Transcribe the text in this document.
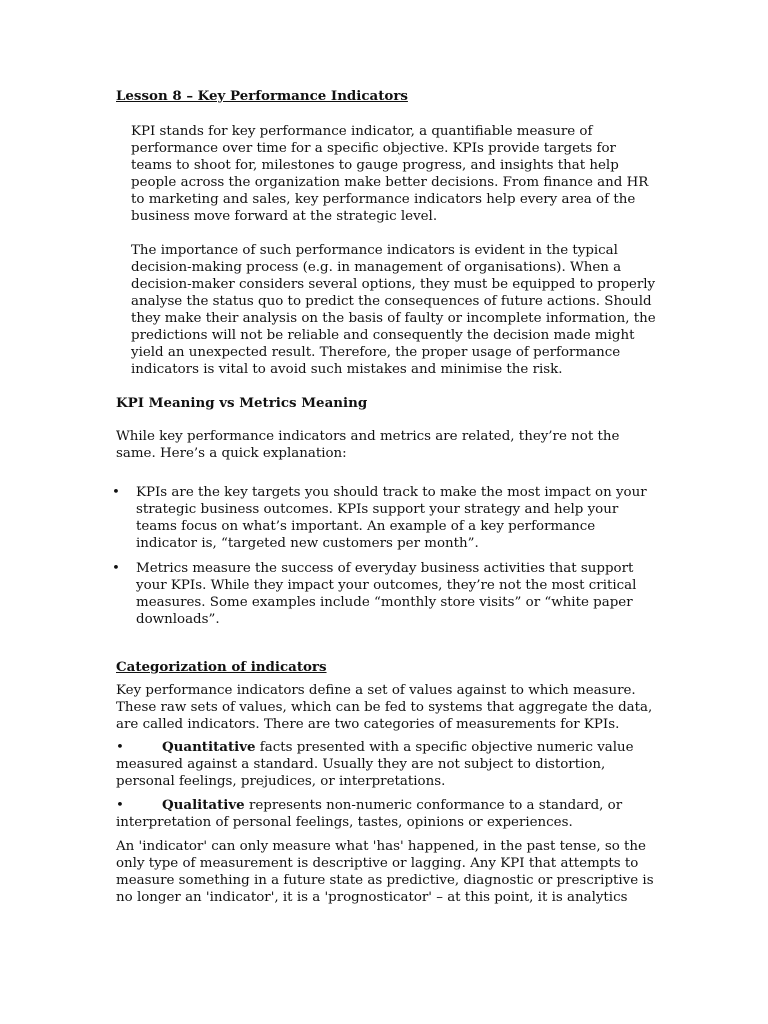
Lesson 8 – Key Performance Indicators

KPI stands for key performance indicator, a quantifiable measure of performance over time for a specific objective. KPIs provide targets for teams to shoot for, milestones to gauge progress, and insights that help people across the organization make better decisions. From finance and HR to marketing and sales, key performance indicators help every area of the business move forward at the strategic level.

The importance of such performance indicators is evident in the typical decision-making process (e.g. in management of organisations). When a decision-maker considers several options, they must be equipped to properly analyse the status quo to predict the consequences of future actions. Should they make their analysis on the basis of faulty or incomplete information, the predictions will not be reliable and consequently the decision made might yield an unexpected result. Therefore, the proper usage of performance indicators is vital to avoid such mistakes and minimise the risk.

KPI Meaning vs Metrics Meaning

While key performance indicators and metrics are related, they’re not the same. Here’s a quick explanation:

• KPIs are the key targets you should track to make the most impact on your strategic business outcomes. KPIs support your strategy and help your teams focus on what’s important. An example of a key performance indicator is, “targeted new customers per month”.
• Metrics measure the success of everyday business activities that support your KPIs. While they impact your outcomes, they’re not the most critical measures. Some examples include “monthly store visits” or “white paper downloads”.

Categorization of indicators

Key performance indicators define a set of values against to which measure. These raw sets of values, which can be fed to systems that aggregate the data, are called indicators. There are two categories of measurements for KPIs.

•	Quantitative facts presented with a specific objective numeric value measured against a standard. Usually they are not subject to distortion, personal feelings, prejudices, or interpretations.

•	Qualitative represents non-numeric conformance to a standard, or interpretation of personal feelings, tastes, opinions or experiences.

An 'indicator' can only measure what 'has' happened, in the past tense, so the only type of measurement is descriptive or lagging. Any KPI that attempts to measure something in a future state as predictive, diagnostic or prescriptive is no longer an 'indicator', it is a 'prognosticator' – at this point, it is analytics
